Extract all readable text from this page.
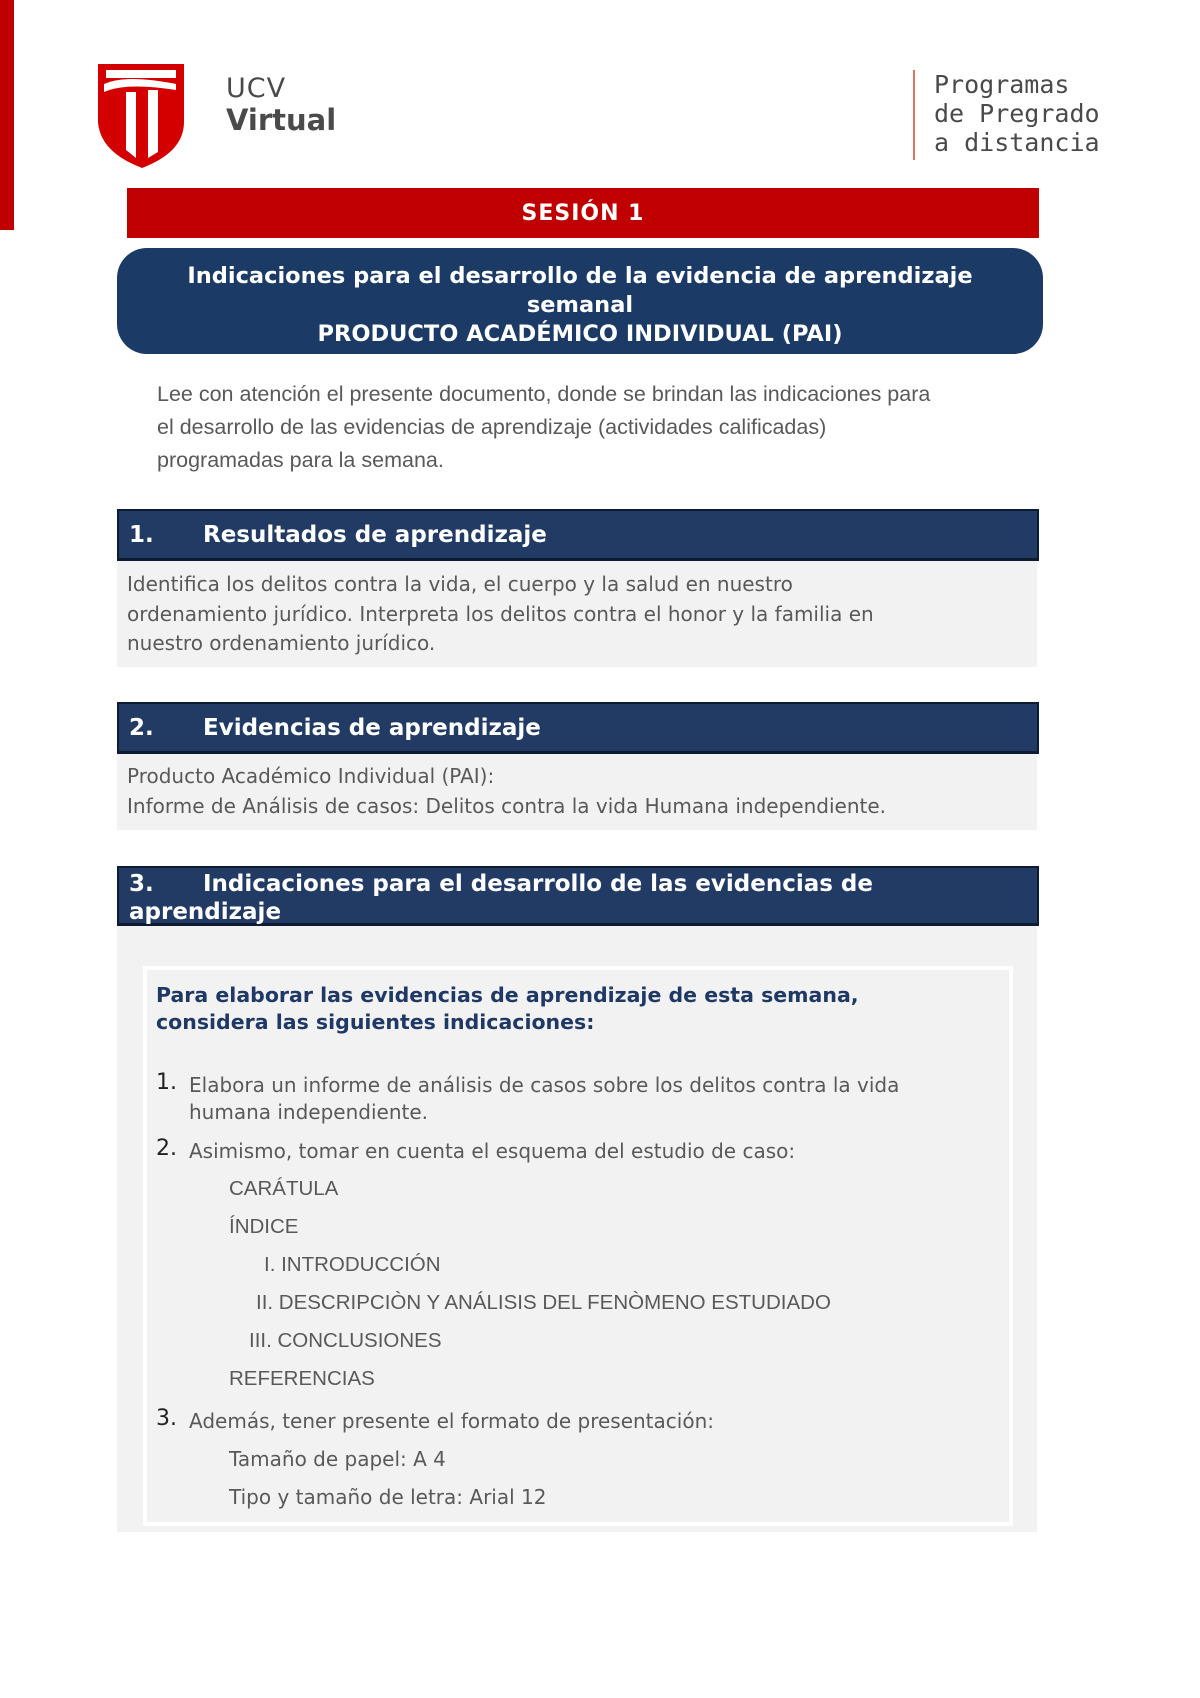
UCV
Virtual
Programas
de Pregrado
a distancia
SESIÓN 1
Indicaciones para el desarrollo de la evidencia de aprendizaje
semanal
PRODUCTO ACADÉMICO INDIVIDUAL (PAI)
Lee con atención el presente documento, donde se brindan las indicaciones para
el desarrollo de las evidencias de aprendizaje (actividades calificadas)
programadas para la semana.
1. Resultados de aprendizaje
Identifica los delitos contra la vida, el cuerpo y la salud en nuestro
ordenamiento jurídico. Interpreta los delitos contra el honor y la familia en
nuestro ordenamiento jurídico.
2. Evidencias de aprendizaje
Producto Académico Individual (PAI):
Informe de Análisis de casos: Delitos contra la vida Humana independiente.
3. Indicaciones para el desarrollo de las evidencias de
aprendizaje
Para elaborar las evidencias de aprendizaje de esta semana,
considera las siguientes indicaciones:
1. Elabora un informe de análisis de casos sobre los delitos contra la vida
humana independiente.
2. Asimismo, tomar en cuenta el esquema del estudio de caso:
CARÁTULA
ÍNDICE
I. INTRODUCCIÓN
II. DESCRIPCIÒN Y ANÁLISIS DEL FENÒMENO ESTUDIADO
III. CONCLUSIONES
REFERENCIAS
3. Además, tener presente el formato de presentación:
Tamaño de papel: A 4
Tipo y tamaño de letra: Arial 12
